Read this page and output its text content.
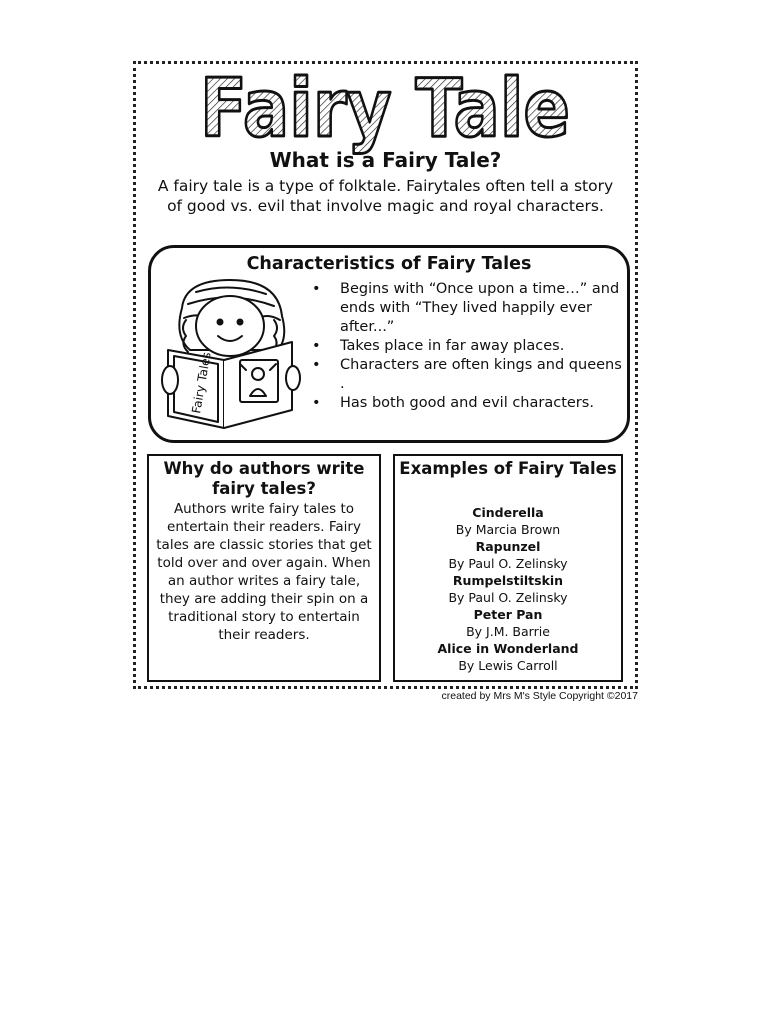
Fairy Tale
What is a Fairy Tale?
A fairy tale is a type of folktale. Fairytales often tell a story of good vs. evil that involve magic and royal characters.
Characteristics of Fairy Tales
Fairy Tales
• Begins with “Once upon a time…” and ends with “They lived happily ever after...”
• Takes place in far away places.
• Characters are often kings and queens .
• Has both good and evil characters.
Why do authors write fairy tales?
Authors write fairy tales to entertain their readers. Fairy tales are classic stories that get told over and over again. When an author writes a fairy tale, they are adding their spin on a traditional story to entertain their readers.
Examples of Fairy Tales
Cinderella
By Marcia Brown
Rapunzel
By Paul O. Zelinsky
Rumpelstiltskin
By Paul O. Zelinsky
Peter Pan
By J.M. Barrie
Alice in Wonderland
By Lewis Carroll
created by Mrs M's Style Copyright ©2017
